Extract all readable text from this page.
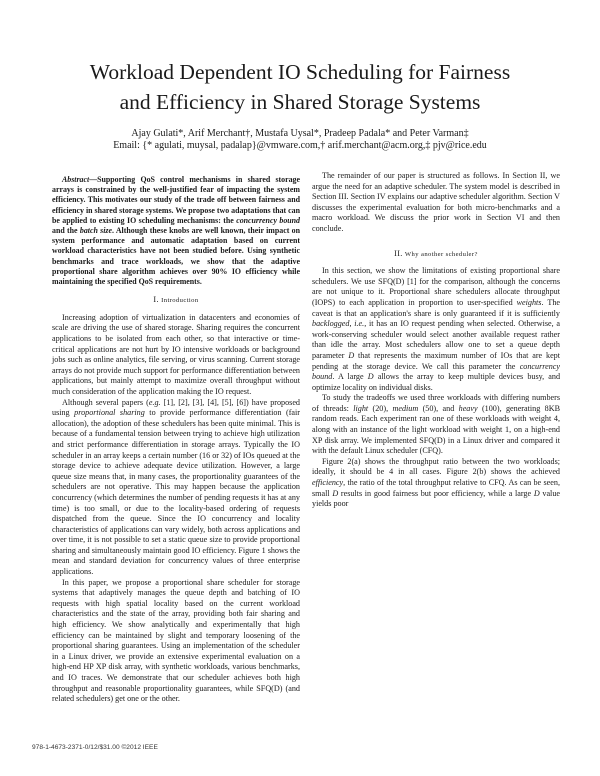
Workload Dependent IO Scheduling for Fairness
and Efficiency in Shared Storage Systems
Ajay Gulati*, Arif Merchant†, Mustafa Uysal*, Pradeep Padala* and Peter Varman‡
Email: {* agulati, muysal, padalap}@vmware.com,† arif.merchant@acm.org,‡ pjv@rice.edu

Abstract—Supporting QoS control mechanisms in shared storage arrays is constrained by the well-justified fear of impacting the system efficiency. This motivates our study of the trade off between fairness and efficiency in shared storage systems. We propose two adaptations that can be applied to existing IO scheduling mechanisms: the concurrency bound and the batch size. Although these knobs are well known, their impact on system performance and automatic adaptation based on current workload characteristics have not been studied before. Using synthetic benchmarks and trace workloads, we show that the adaptive proportional share algorithm achieves over 90% IO efficiency while maintaining the specified QoS requirements.

I. Introduction

Increasing adoption of virtualization in datacenters and economies of scale are driving the use of shared storage. Sharing requires the concurrent applications to be isolated from each other, so that interactive or time-critical applications are not hurt by IO intensive workloads or background jobs such as online analytics, file serving, or virus scanning. Current storage arrays do not provide much support for performance differentiation between applications, but mainly attempt to maximize overall throughput without much consideration of the application making the IO request.

Although several papers (e.g. [1], [2], [3], [4], [5], [6]) have proposed using proportional sharing to provide performance differentiation (fair allocation), the adoption of these schedulers has been quite minimal. This is because of a fundamental tension between trying to achieve high utilization and strict performance differentiation in storage arrays. Typically the IO scheduler in an array keeps a certain number (16 or 32) of IOs queued at the storage device to achieve adequate device utilization. However, a large queue size means that, in many cases, the proportionality guarantees of the schedulers are not operative. This may happen because the application concurrency (which determines the number of pending requests it has at any time) is too small, or due to the locality-based ordering of requests dispatched from the queue. Since the IO concurrency and locality characteristics of applications can vary widely, both across applications and over time, it is not possible to set a static queue size to provide proportional sharing and simultaneously maintain good IO efficiency. Figure 1 shows the mean and standard deviation for concurrency values of three enterprise applications.

In this paper, we propose a proportional share scheduler for storage systems that adaptively manages the queue depth and batching of IO requests with high spatial locality based on the current workload characteristics and the state of the array, providing both fair sharing and high efficiency. We show analytically and experimentally that high efficiency can be maintained by slight and temporary loosening of the proportional sharing guarantees. Using an implementation of the scheduler in a Linux driver, we provide an extensive experimental evaluation on a high-end HP XP disk array, with synthetic workloads, various benchmarks, and IO traces. We demonstrate that our scheduler achieves both high throughput and reasonable proportionality guarantees, while SFQ(D) (and related schedulers) get one or the other.

The remainder of our paper is structured as follows. In Section II, we argue the need for an adaptive scheduler. The system model is described in Section III. Section IV explains our adaptive scheduler algorithm. Section V discusses the experimental evaluation for both micro-benchmarks and a macro workload. We discuss the prior work in Section VI and then conclude.

II. Why another scheduler?

In this section, we show the limitations of existing proportional share schedulers. We use SFQ(D) [1] for the comparison, although the concerns are not unique to it. Proportional share schedulers allocate throughput (IOPS) to each application in proportion to user-specified weights. The caveat is that an application's share is only guaranteed if it is sufficiently backlogged, i.e., it has an IO request pending when selected. Otherwise, a work-conserving scheduler would select another available request rather than idle the array. Most schedulers allow one to set a queue depth parameter D that represents the maximum number of IOs that are kept pending at the storage device. We call this parameter the concurrency bound. A large D allows the array to keep multiple devices busy, and optimize locality on individual disks.

To study the tradeoffs we used three workloads with differing numbers of threads: light (20), medium (50), and heavy (100), generating 8KB random reads. Each experiment ran one of these workloads with weight 4, along with an instance of the light workload with weight 1, on a high-end XP disk array. We implemented SFQ(D) in a Linux driver and compared it with the default Linux scheduler (CFQ).

Figure 2(a) shows the throughput ratio between the two workloads; ideally, it should be 4 in all cases. Figure 2(b) shows the achieved efficiency, the ratio of the total throughput relative to CFQ. As can be seen, small D results in good fairness but poor efficiency, while a large D value yields poor

978-1-4673-2371-0/12/$31.00 ©2012 IEEE
